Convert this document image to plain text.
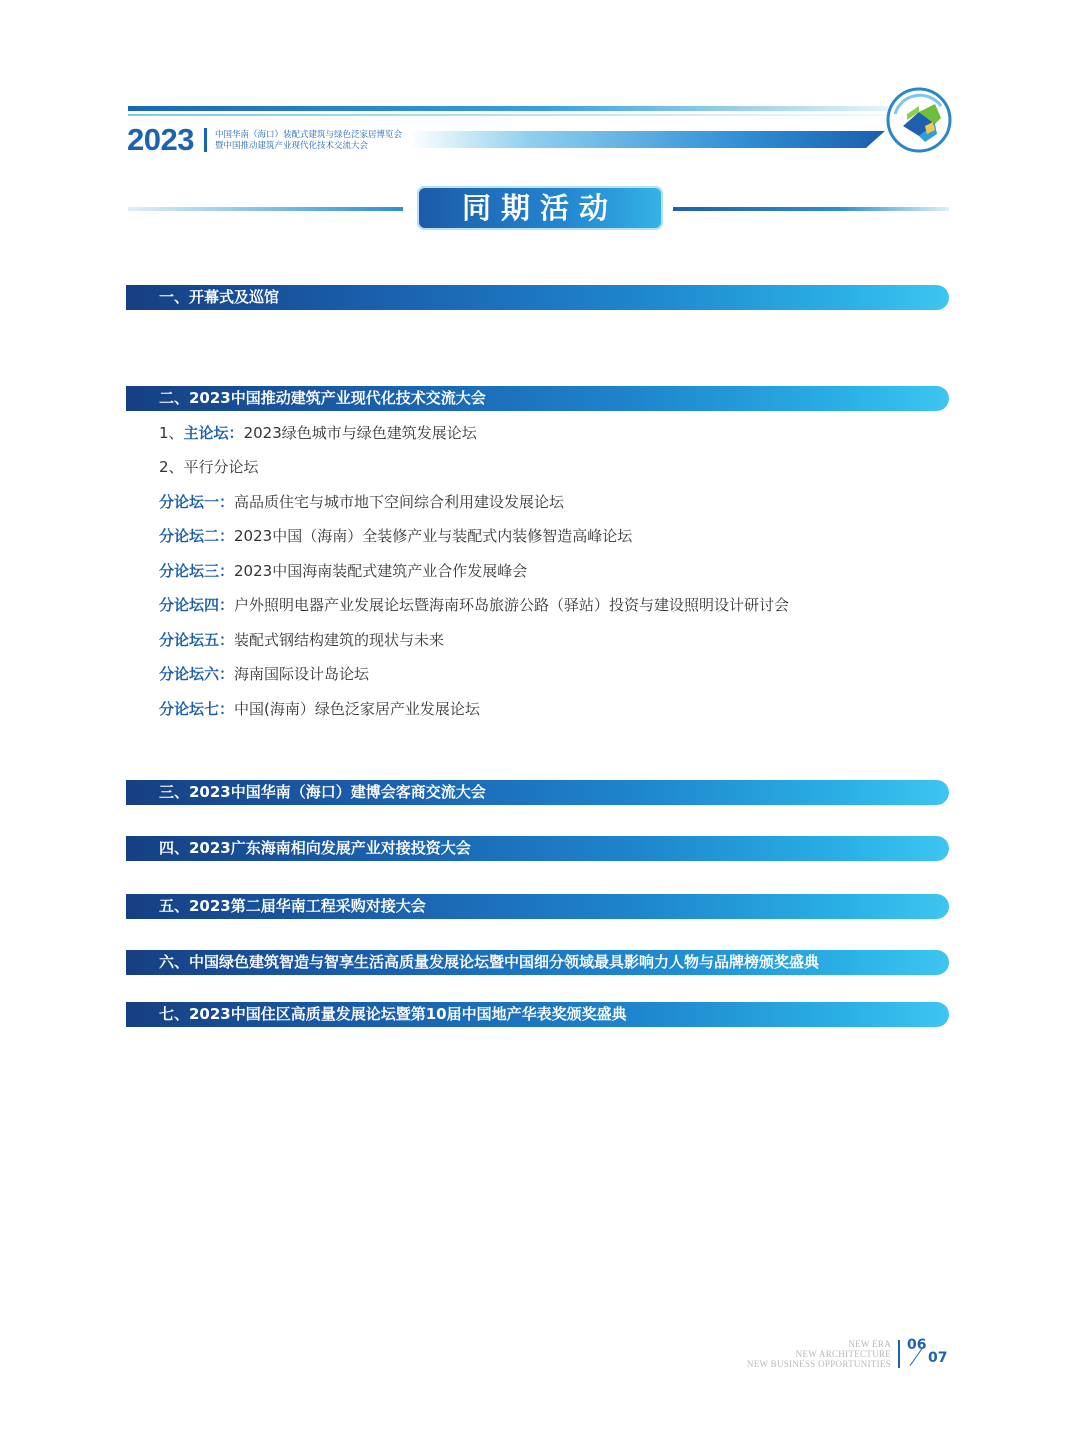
2023 中国华南（海口）装配式建筑与绿色泛家居博览会
暨中国推动建筑产业现代化技术交流大会
同期活动
一、开幕式及巡馆
二、2023中国推动建筑产业现代化技术交流大会
1、主论坛：2023绿色城市与绿色建筑发展论坛
2、平行分论坛
分论坛一：高品质住宅与城市地下空间综合利用建设发展论坛
分论坛二：2023中国（海南）全装修产业与装配式内装修智造高峰论坛
分论坛三：2023中国海南装配式建筑产业合作发展峰会
分论坛四：户外照明电器产业发展论坛暨海南环岛旅游公路（驿站）投资与建设照明设计研讨会
分论坛五：装配式钢结构建筑的现状与未来
分论坛六：海南国际设计岛论坛
分论坛七：中国(海南）绿色泛家居产业发展论坛
三、2023中国华南（海口）建博会客商交流大会
四、2023广东海南相向发展产业对接投资大会
五、2023第二届华南工程采购对接大会
六、中国绿色建筑智造与智享生活高质量发展论坛暨中国细分领域最具影响力人物与品牌榜颁奖盛典
七、2023中国住区高质量发展论坛暨第10届中国地产华表奖颁奖盛典
NEW ERA
NEW ARCHITECTURE
NEW BUSINESS OPPORTUNITIES
06
07
